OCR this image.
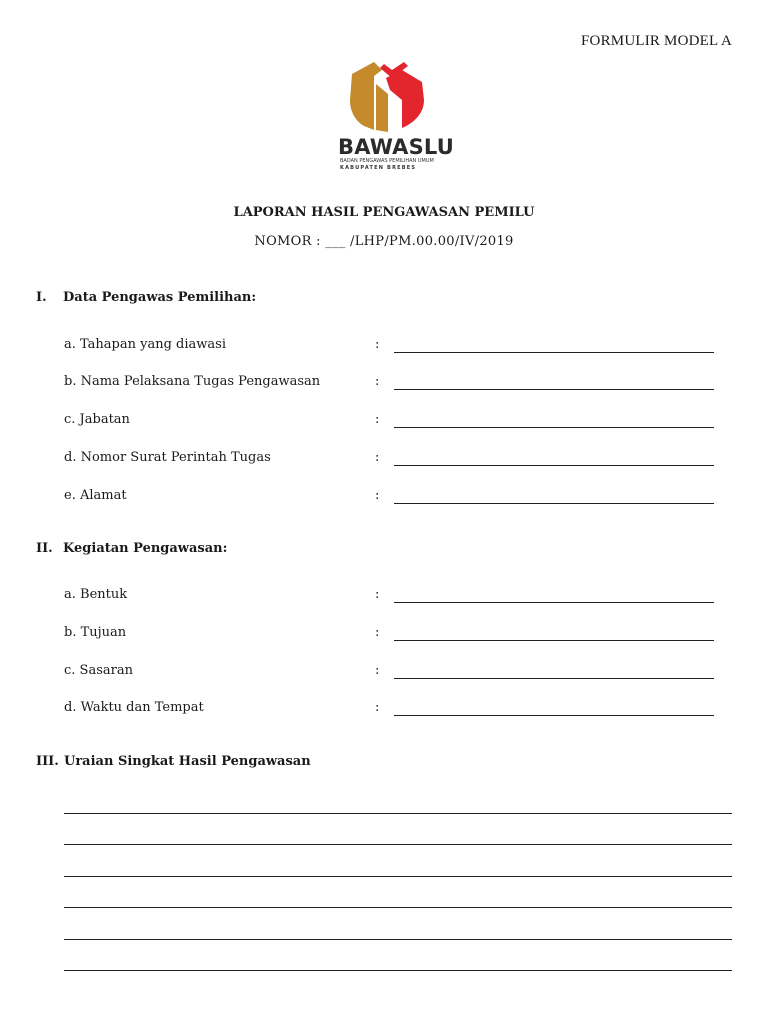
FORMULIR MODEL A
BAWASLU
BADAN PENGAWAS PEMILIHAN UMUM
KABUPATEN BREBES
LAPORAN HASIL PENGAWASAN PEMILU
NOMOR : ___ /LHP/PM.00.00/IV/2019
I.	Data Pengawas Pemilihan:
a. Tahapan yang diawasi	:
b. Nama Pelaksana Tugas Pengawasan	:
c. Jabatan	:
d. Nomor Surat Perintah Tugas	:
e. Alamat	:
II. Kegiatan Pengawasan:
a. Bentuk	:
b. Tujuan	:
c. Sasaran	:
d. Waktu dan Tempat	:
III. Uraian Singkat Hasil Pengawasan
